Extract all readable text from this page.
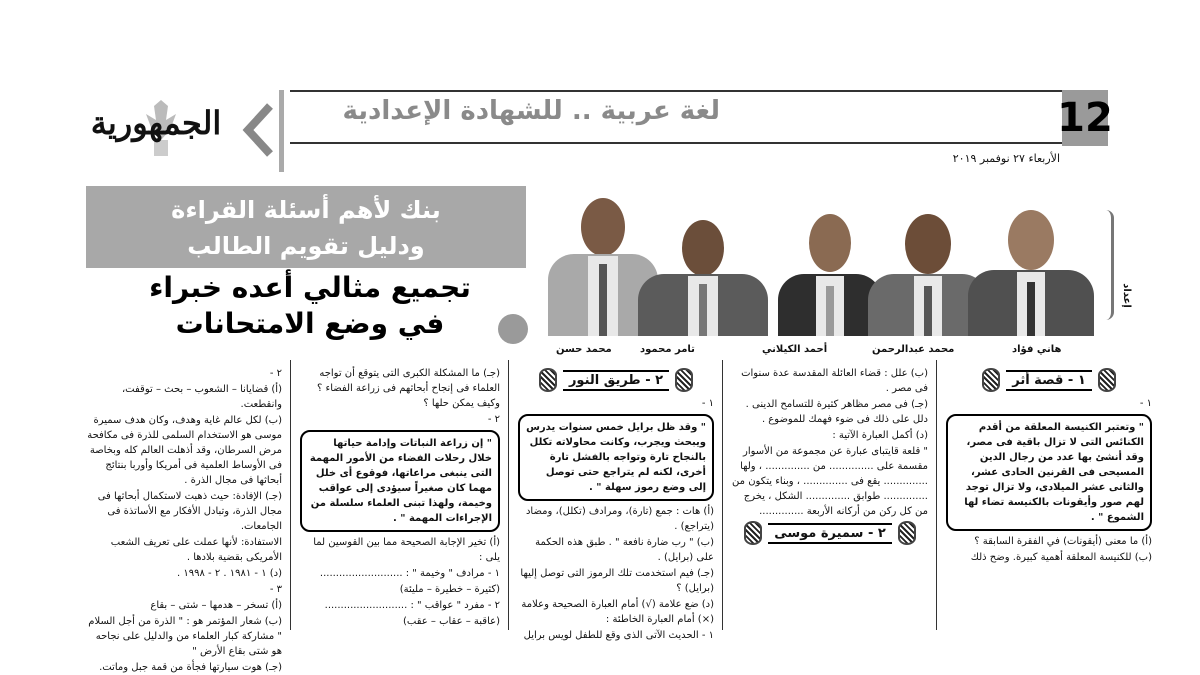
12
لغة عربية .. للشهادة الإعدادية
الأربعاء ٢٧ نوفمبر ٢٠١٩
الجمهورية
بنك لأهم أسئلة القراءة
ودليل تقويم الطالب
تجميع مثالي أعده خبراء
في وضع الامتحانات
هاني فؤاد
محمد عبدالرحمن
أحمد الكيلاني
تامر محمود
محمد حسن
إعداد
١ - قصة أثر

١ -

" وتعتبر الكنيسة المعلقة من أقدم الكنائس التى لا تزال باقية فى مصر، وقد أنشئ بها عدد من رجال الدين المسيحى فى القرنين الحادى عشر، والثانى عشر الميلادى، ولا تزال توجد لهم صور وأيقونات بالكنيسة تضاء لها الشموع " .

(أ) ما معنى (أيقونات) في الفقرة السابقة ؟

(ب) للكنيسة المعلقة أهمية كبيرة. وضح ذلك

(ب) علل : قضاء العائلة المقدسة عدة سنوات فى مصر .

(جـ) فى مصر مظاهر كثيرة للتسامح الدينى . دلل على ذلك فى ضوء فهمك للموضوع .

(د) أكمل العبارة الآتية :

" قلعة قايتباى عبارة عن مجموعة من الأسوار مقسمة على .............. من .............. ، ولها .............. يقع فى .............. ، وبناء يتكون من .............. طوابق .............. الشكل ، يخرج من كل ركن من أركانه الأربعة ..............

٢ - سميرة موسى
٢ - طريق النور

١ -

" وقد ظل برايل خمس سنوات يدرس ويبحث ويجرب، وكانت محاولاته تكلل بالنجاح تارة وتواجه بالفشل تارة أخرى، لكنه لم يتراجع حتى توصل إلى وضع رموز سهلة " .

(أ) هات : جمع (تارة)، ومرادف (تكلل)، ومضاد (يتراجع) .

(ب) " رب ضارة نافعة " . طبق هذه الحكمة على (برايل) .

(جـ) فيم استخدمت تلك الرموز التى توصل إليها (برايل) ؟

(د) ضع علامة (√) أمام العبارة الصحيحة وعلامة (×) أمام العبارة الخاطئة :

١ - الحديث الآتى الذى وقع للطفل لويس برايل

(جـ) ما المشكلة الكبرى التى يتوقع أن تواجه العلماء فى إنجاح أبحاثهم فى زراعة الفضاء ؟ وكيف يمكن حلها ؟

٢ -

" إن زراعة النباتات وإدامة حياتها خلال رحلات الفضاء من الأمور المهمة التى ينبغى مراعاتها، فوقوع أى خلل مهما كان صغيراً سيؤدى إلى عواقب وخيمة، ولهذا تبنى العلماء سلسلة من الإجراءات المهمة " .

(أ) تخير الإجابة الصحيحة مما بين القوسين لما يلى :

١ - مرادف " وخيمة " : ..........................

(كثيرة – خطيرة – مليئة)

٢ - مفرد " عواقب " : ..........................

(عاقبة – عقاب – عقب)

٢ -

(أ) قضايانا – الشعوب – بحث – توقفت، وانقطعت.

(ب) لكل عالم غاية وهدف، وكان هدف سميرة موسى هو الاستخدام السلمى للذرة فى مكافحة مرض السرطان، وقد أذهلت العالم كله وبخاصة فى الأوساط العلمية فى أمريكا وأوربا بنتائج أبحاثها فى مجال الذرة .

(جـ) الإفادة: حيث ذهبت لاستكمال أبحاثها فى مجال الذرة، وتبادل الأفكار مع الأساتذة فى الجامعات.

الاستفادة: لأنها عملت على تعريف الشعب الأمريكى بقضية بلادها .

(د) ١ - ١٩٨١ . ٢ - ١٩٩٨ .

٣ -

(أ) تسخر – هدمها – شتى – بقاع

(ب) شعار المؤتمر هو : " الذرة من أجل السلام " مشاركة كبار العلماء من والدليل على نجاحه هو شتى بقاع الأرض "

(جـ) هوت سيارتها فجأة من قمة جبل وماتت.
